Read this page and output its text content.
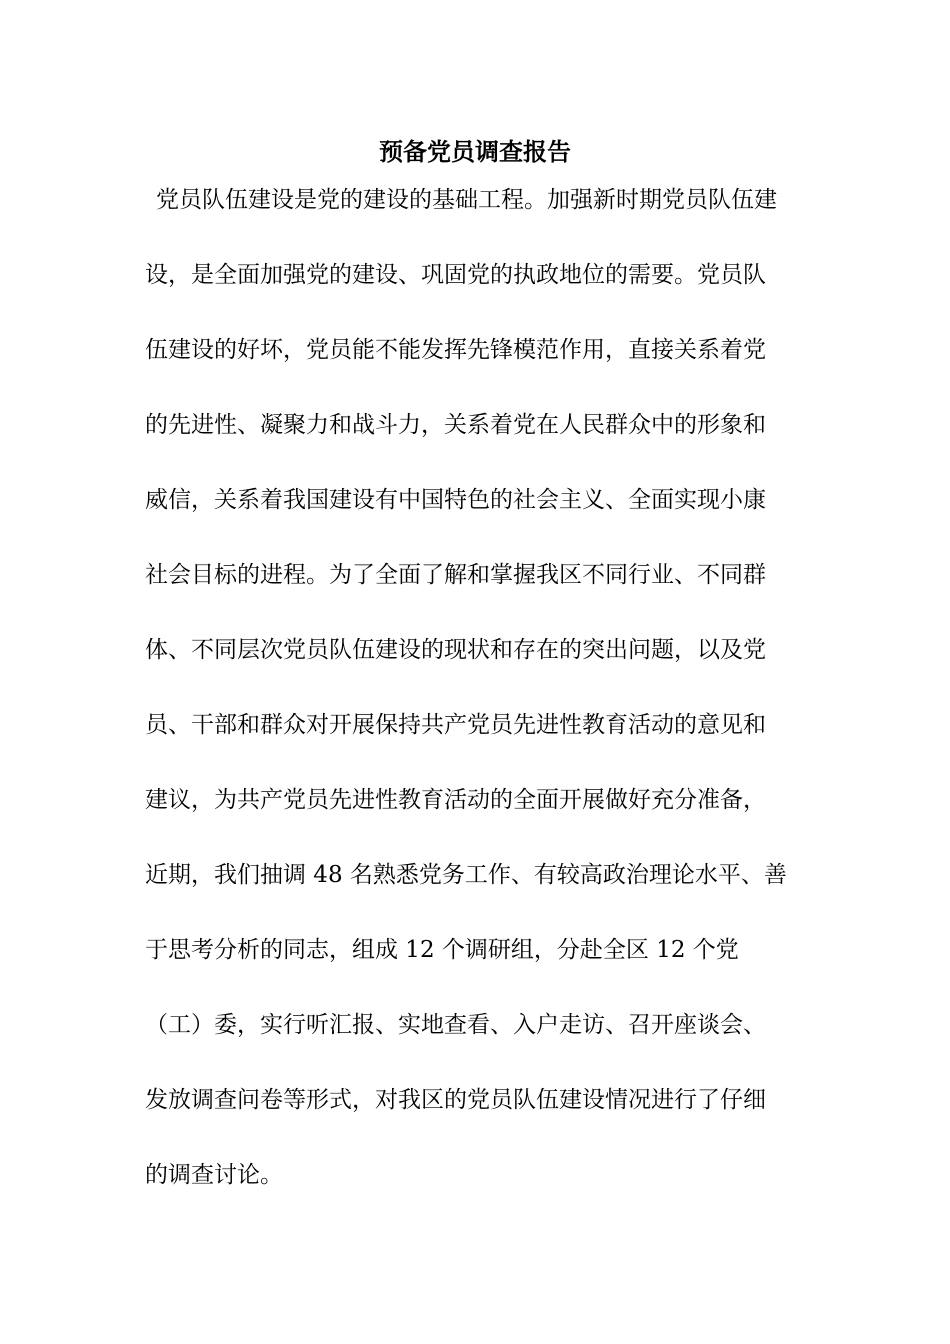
预备党员调查报告
党员队伍建设是党的建设的基础工程。加强新时期党员队伍建
设，是全面加强党的建设、巩固党的执政地位的需要。党员队
伍建设的好坏，党员能不能发挥先锋模范作用，直接关系着党
的先进性、凝聚力和战斗力，关系着党在人民群众中的形象和
威信，关系着我国建设有中国特色的社会主义、全面实现小康
社会目标的进程。为了全面了解和掌握我区不同行业、不同群
体、不同层次党员队伍建设的现状和存在的突出问题，以及党
员、干部和群众对开展保持共产党员先进性教育活动的意见和
建议，为共产党员先进性教育活动的全面开展做好充分准备，
近期，我们抽调 48 名熟悉党务工作、有较高政治理论水平、善
于思考分析的同志，组成 12 个调研组，分赴全区 12 个党
（工）委，实行听汇报、实地查看、入户走访、召开座谈会、
发放调查问卷等形式，对我区的党员队伍建设情况进行了仔细
的调查讨论。
